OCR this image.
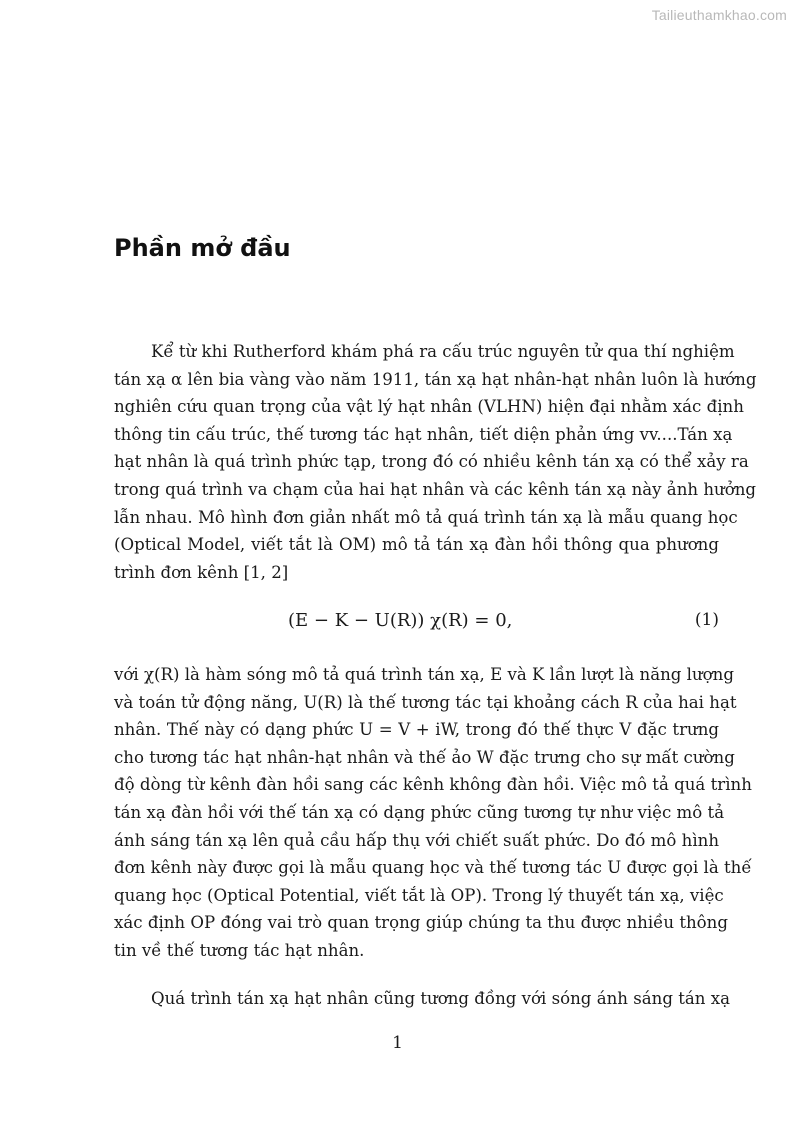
Tailieuthamkhao.com
Phần mở đầu
Kể từ khi Rutherford khám phá ra cấu trúc nguyên tử qua thí nghiệm
tán xạ α lên bia vàng vào năm 1911, tán xạ hạt nhân-hạt nhân luôn là hướng
nghiên cứu quan trọng của vật lý hạt nhân (VLHN) hiện đại nhằm xác định
thông tin cấu trúc, thế tương tác hạt nhân, tiết diện phản ứng vv....Tán xạ
hạt nhân là quá trình phức tạp, trong đó có nhiều kênh tán xạ có thể xảy ra
trong quá trình va chạm của hai hạt nhân và các kênh tán xạ này ảnh hưởng
lẫn nhau. Mô hình đơn giản nhất mô tả quá trình tán xạ là mẫu quang học
(Optical Model, viết tắt là OM) mô tả tán xạ đàn hồi thông qua phương
trình đơn kênh [1, 2]
(E − K − U(R)) χ(R) = 0,	(1)
với χ(R) là hàm sóng mô tả quá trình tán xạ, E và K lần lượt là năng lượng
và toán tử động năng, U(R) là thế tương tác tại khoảng cách R của hai hạt
nhân. Thế này có dạng phức U = V + iW, trong đó thế thực V đặc trưng
cho tương tác hạt nhân-hạt nhân và thế ảo W đặc trưng cho sự mất cường
độ dòng từ kênh đàn hồi sang các kênh không đàn hồi. Việc mô tả quá trình
tán xạ đàn hồi với thế tán xạ có dạng phức cũng tương tự như việc mô tả
ánh sáng tán xạ lên quả cầu hấp thụ với chiết suất phức. Do đó mô hình
đơn kênh này được gọi là mẫu quang học và thế tương tác U được gọi là thế
quang học (Optical Potential, viết tắt là OP). Trong lý thuyết tán xạ, việc
xác định OP đóng vai trò quan trọng giúp chúng ta thu được nhiều thông
tin về thế tương tác hạt nhân.
Quá trình tán xạ hạt nhân cũng tương đồng với sóng ánh sáng tán xạ
1
